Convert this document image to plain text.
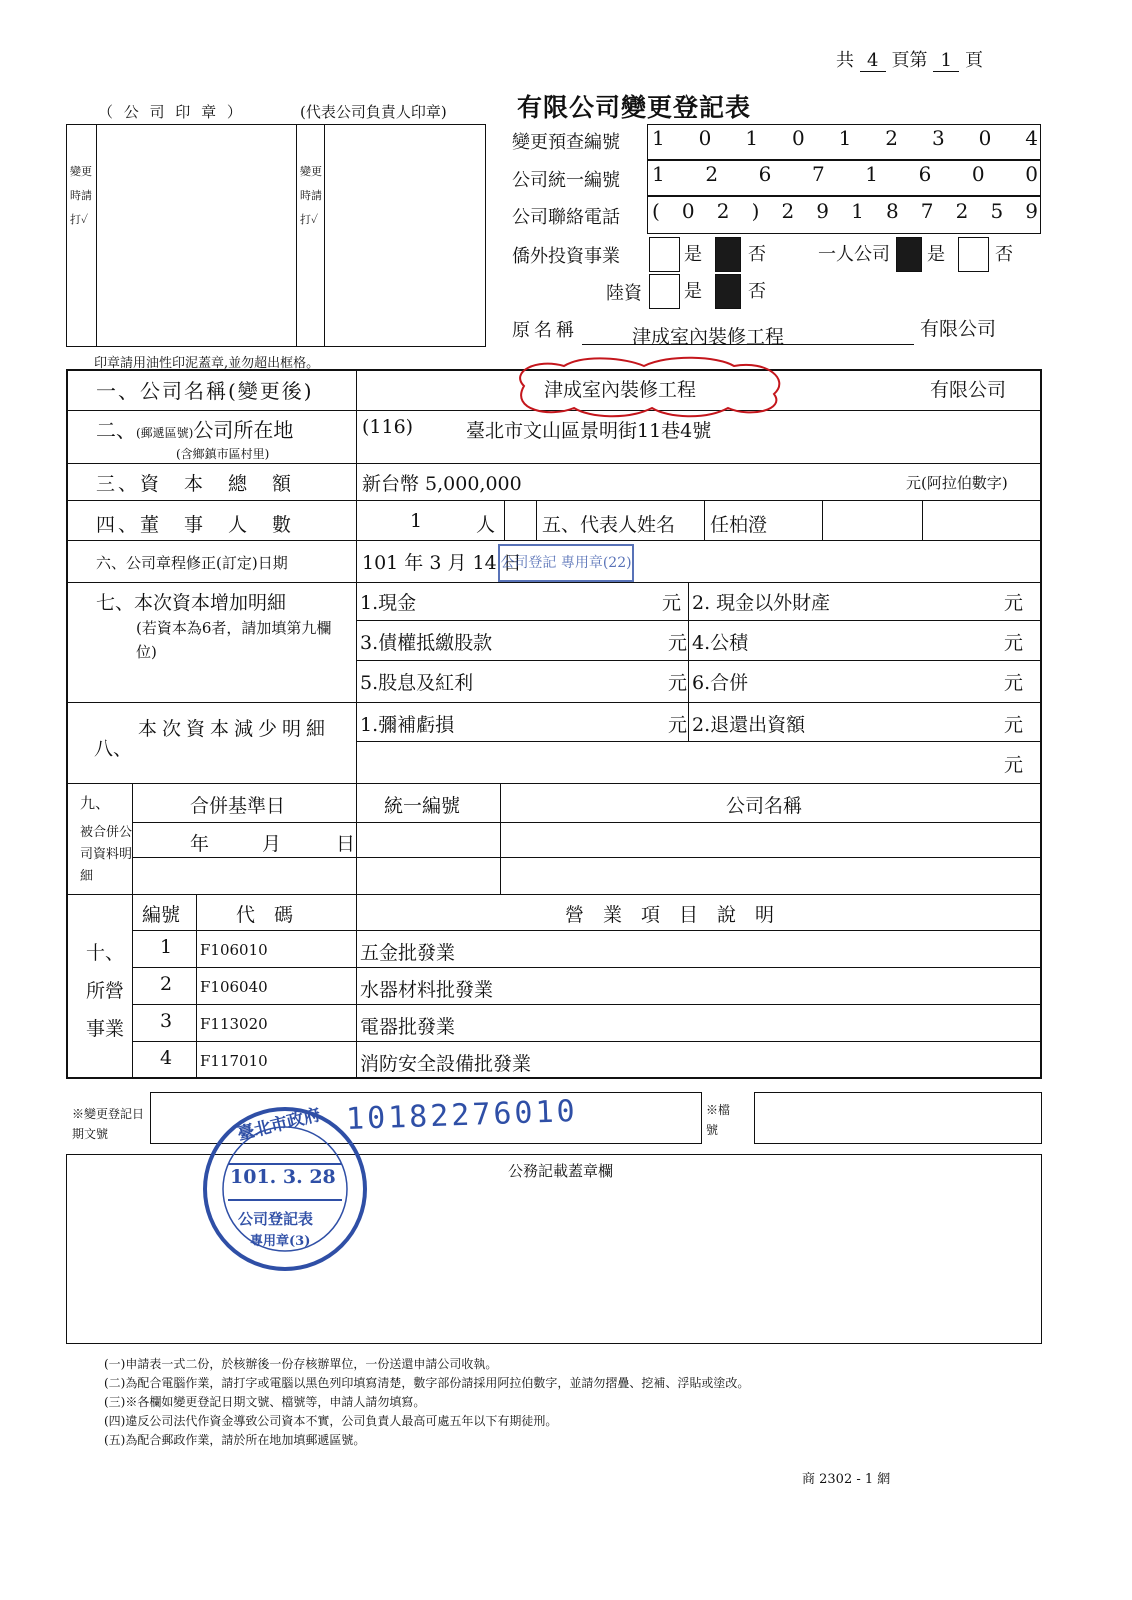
共 4 頁第 1 頁
有限公司變更登記表
（ 公 司 印 章 ）	(代表公司負責人印章)
變更時請打✓
變更時請打✓
印章請用油性印泥蓋章,並勿超出框格。
變更預查編號 1 0 1 0 1 2 3 0 4
公司統一編號 1 2 6 7 1 6 0 0
公司聯絡電話 ( 0 2 ) 2 9 1 8 7 2 5 9
僑外投資事業	是	否	一人公司 是	否
陸資 是	否
原名稱	津成室內裝修工程	有限公司
一、公司名稱(變更後)	津成室內裝修工程	有限公司
二、(郵遞區號)公司所在地
(含鄉鎮市區村里)
(116)	臺北市文山區景明街11巷4號
三、資　本　總　額	新台幣 5,000,000	元(阿拉伯數字)
四、董　事　人　數	1	人 五、代表人姓名 任柏澄
六、公司章程修正(訂定)日期	101 年 3 月 14 日
七、本次資本增加明細
(若資本為6者，請加填第九欄位)
1.現金	元 2. 現金以外財產	元
3.債權抵繳股款	元 4.公積	元
5.股息及紅利	元 6.合併	元
八、
本次資本減少明細	1.彌補虧損	元 2.退還出資額	元
元
九、
被合併公司資料明細
合併基準日	統一編號	公司名稱
年	月	日
十、所營事業
編號	代　碼	營　業　項　目　說　明
1 F106010	五金批發業
2 F106040	水器材料批發業
3 F113020	電器批發業
4 F117010	消防安全設備批發業
※變更登記日期文號	10182276010	※檔號
公務記載蓋章欄
(一)申請表一式二份，於核辦後一份存核辦單位，一份送還申請公司收執。
(二)為配合電腦作業，請打字或電腦以黑色列印填寫清楚，數字部份請採用阿拉伯數字，並請勿摺疊、挖補、浮貼或塗改。
(三)※各欄如變更登記日期文號、檔號等，申請人請勿填寫。
(四)違反公司法代作資金導致公司資本不實，公司負責人最高可處五年以下有期徒刑。
(五)為配合郵政作業，請於所在地加填郵遞區號。
商 2302 - 1 網
公司登記 專用章(22)
臺北市政府
101. 3. 28
公司登記表
專用章(3)
